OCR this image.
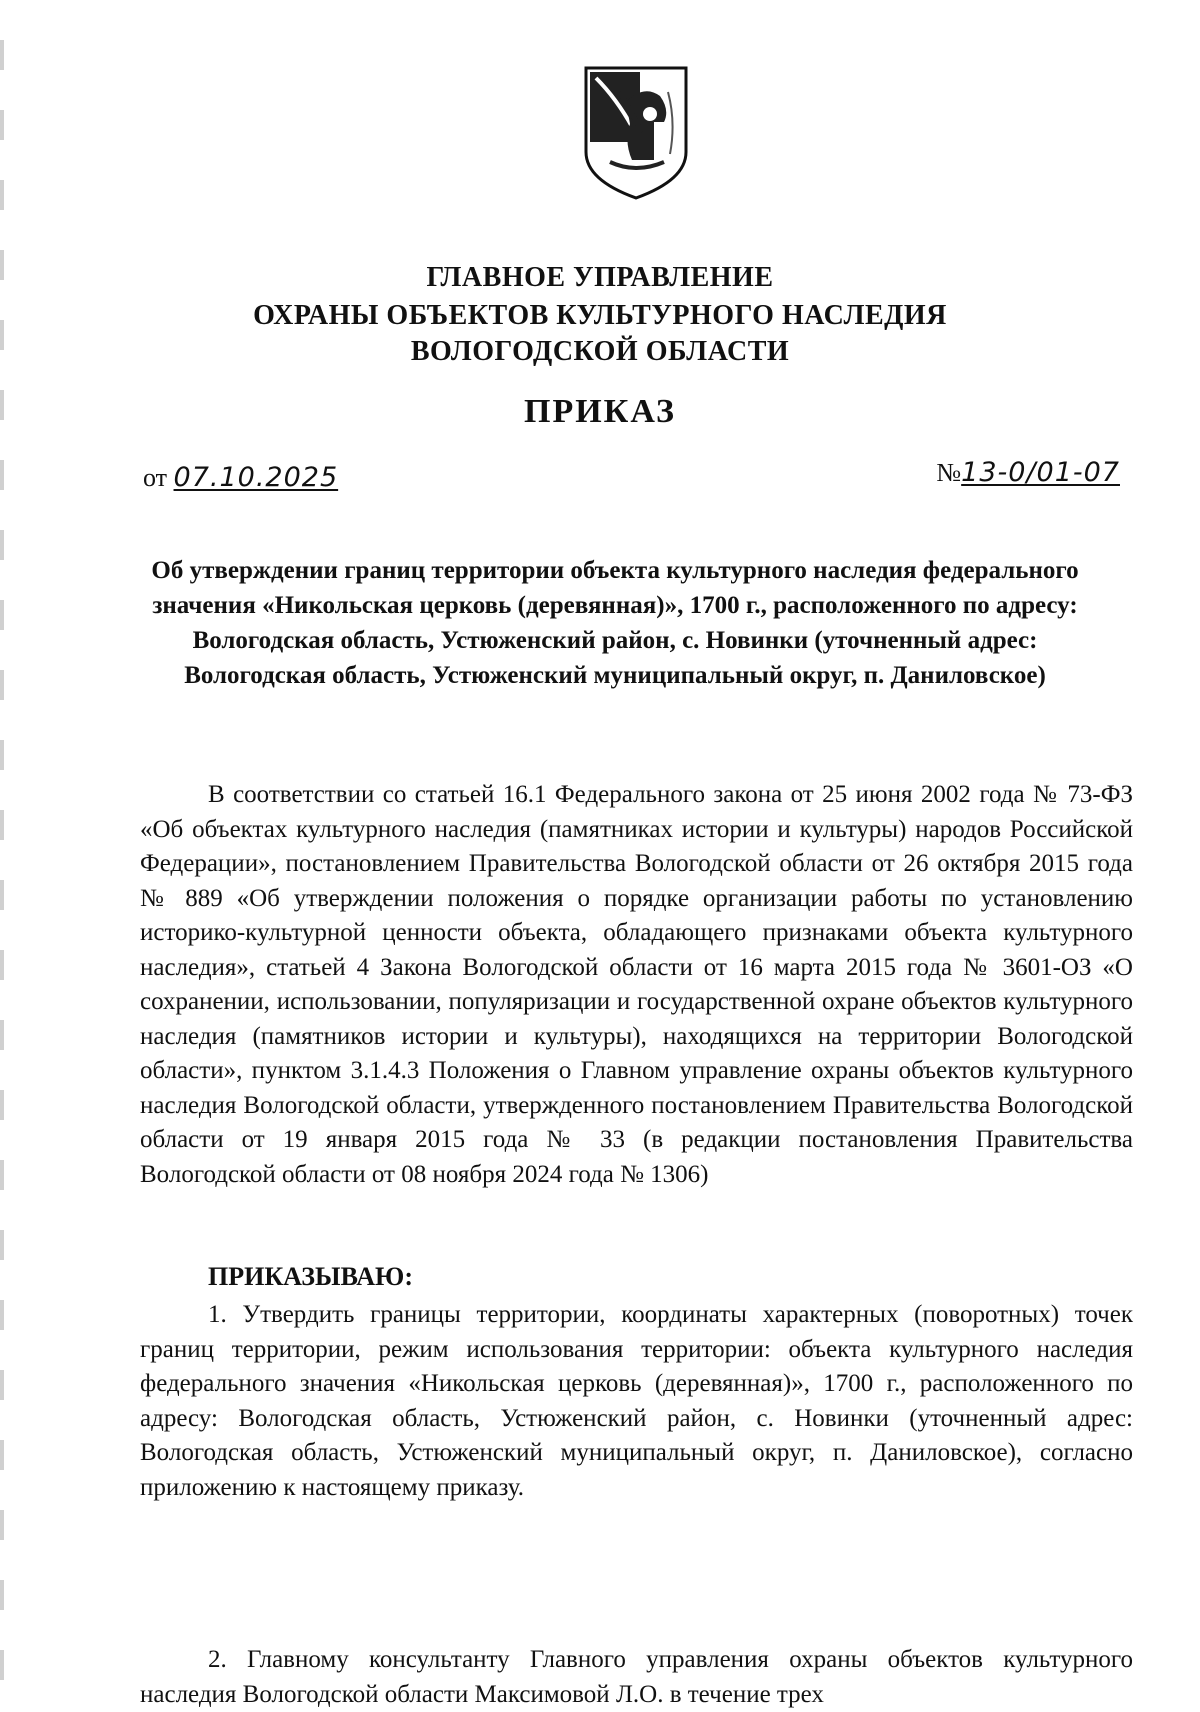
ГЛАВНОЕ УПРАВЛЕНИЕ
ОХРАНЫ ОБЪЕКТОВ КУЛЬТУРНОГО НАСЛЕДИЯ
ВОЛОГОДСКОЙ ОБЛАСТИ
ПРИКАЗ
от 07.10.2025	№13-0/01-07
Об утверждении границ территории объекта культурного наследия федерального значения «Никольская церковь (деревянная)», 1700 г., расположенного по адресу: Вологодская область, Устюженский район, с. Новинки (уточненный адрес: Вологодская область, Устюженский муниципальный округ, п. Даниловское)

В соответствии со статьей 16.1 Федерального закона от 25 июня 2002 года № 73-ФЗ «Об объектах культурного наследия (памятниках истории и культуры) народов Российской Федерации», постановлением Правительства Вологодской области от 26 октября 2015 года № 889 «Об утверждении положения о порядке организации работы по установлению историко-культурной ценности объекта, обладающего признаками объекта культурного наследия», статьей 4 Закона Вологодской области от 16 марта 2015 года № 3601-ОЗ «О сохранении, использовании, популяризации и государственной охране объектов культурного наследия (памятников истории и культуры), находящихся на территории Вологодской области», пунктом 3.1.4.3 Положения о Главном управление охраны объектов культурного наследия Вологодской области, утвержденного постановлением Правительства Вологодской области от 19 января 2015 года № 33 (в редакции постановления Правительства Вологодской области от 08 ноября 2024 года № 1306)

ПРИКАЗЫВАЮ:

1. Утвердить границы территории, координаты характерных (поворотных) точек границ территории, режим использования территории: объекта культурного наследия федерального значения «Никольская церковь (деревянная)», 1700 г., расположенного по адресу: Вологодская область, Устюженский район, с. Новинки (уточненный адрес: Вологодская область, Устюженский муниципальный округ, п. Даниловское), согласно приложению к настоящему приказу.

2. Главному консультанту Главного управления охраны объектов культурного наследия Вологодской области Максимовой Л.О. в течение трех
